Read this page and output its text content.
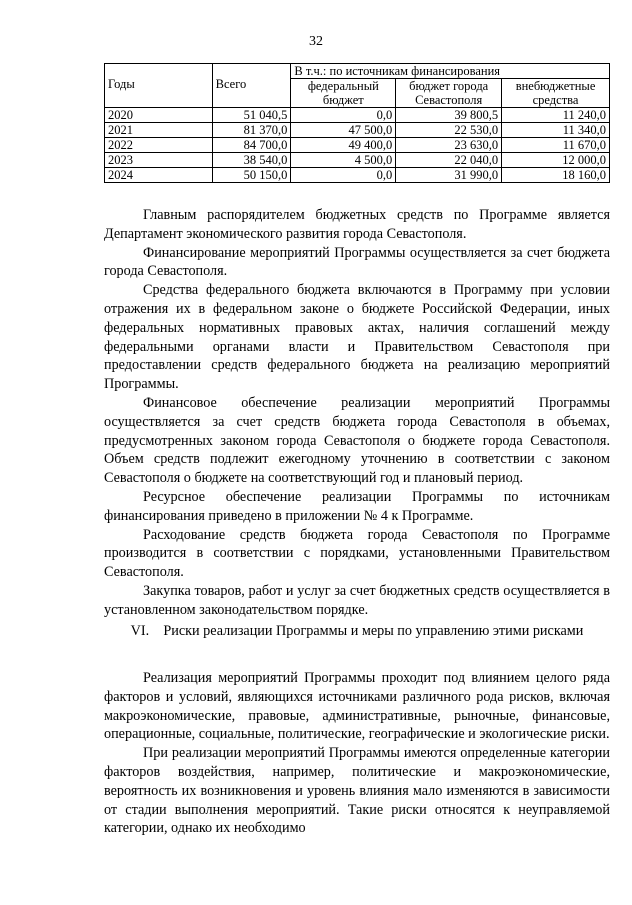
32
Годы	Всего	В т.ч.: по источникам финансирования		
		федеральный бюджет	бюджет города Севастополя	внебюджетные средства
2020	51 040,5	0,0	39 800,5	11 240,0
2021	81 370,0	47 500,0	22 530,0	11 340,0
2022	84 700,0	49 400,0	23 630,0	11 670,0
2023	38 540,0	4 500,0	22 040,0	12 000,0
2024	50 150,0	0,0	31 990,0	18 160,0

Главным распорядителем бюджетных средств по Программе является Департамент экономического развития города Севастополя.

Финансирование мероприятий Программы осуществляется за счет бюджета города Севастополя.

Средства федерального бюджета включаются в Программу при условии отражения их в федеральном законе о бюджете Российской Федерации, иных федеральных нормативных правовых актах, наличия соглашений между федеральными органами власти и Правительством Севастополя при предоставлении средств федерального бюджета на реализацию мероприятий Программы.

Финансовое обеспечение реализации мероприятий Программы осуществляется за счет средств бюджета города Севастополя в объемах, предусмотренных законом города Севастополя о бюджете города Севастополя. Объем средств подлежит ежегодному уточнению в соответствии с законом Севастополя о бюджете на соответствующий год и плановый период.

Ресурсное обеспечение реализации Программы по источникам финансирования приведено в приложении № 4 к Программе.

Расходование средств бюджета города Севастополя по Программе производится в соответствии с порядками, установленными Правительством Севастополя.

Закупка товаров, работ и услуг за счет бюджетных средств осуществляется в установленном законодательством порядке.

VI. Риски реализации Программы и меры по управлению этими рисками

Реализация мероприятий Программы проходит под влиянием целого ряда факторов и условий, являющихся источниками различного рода рисков, включая макроэкономические, правовые, административные, рыночные, финансовые, операционные, социальные, политические, географические и экологические риски.

При реализации мероприятий Программы имеются определенные категории факторов воздействия, например, политические и макроэкономические, вероятность их возникновения и уровень влияния мало изменяются в зависимости от стадии выполнения мероприятий. Такие риски относятся к неуправляемой категории, однако их необходимо
